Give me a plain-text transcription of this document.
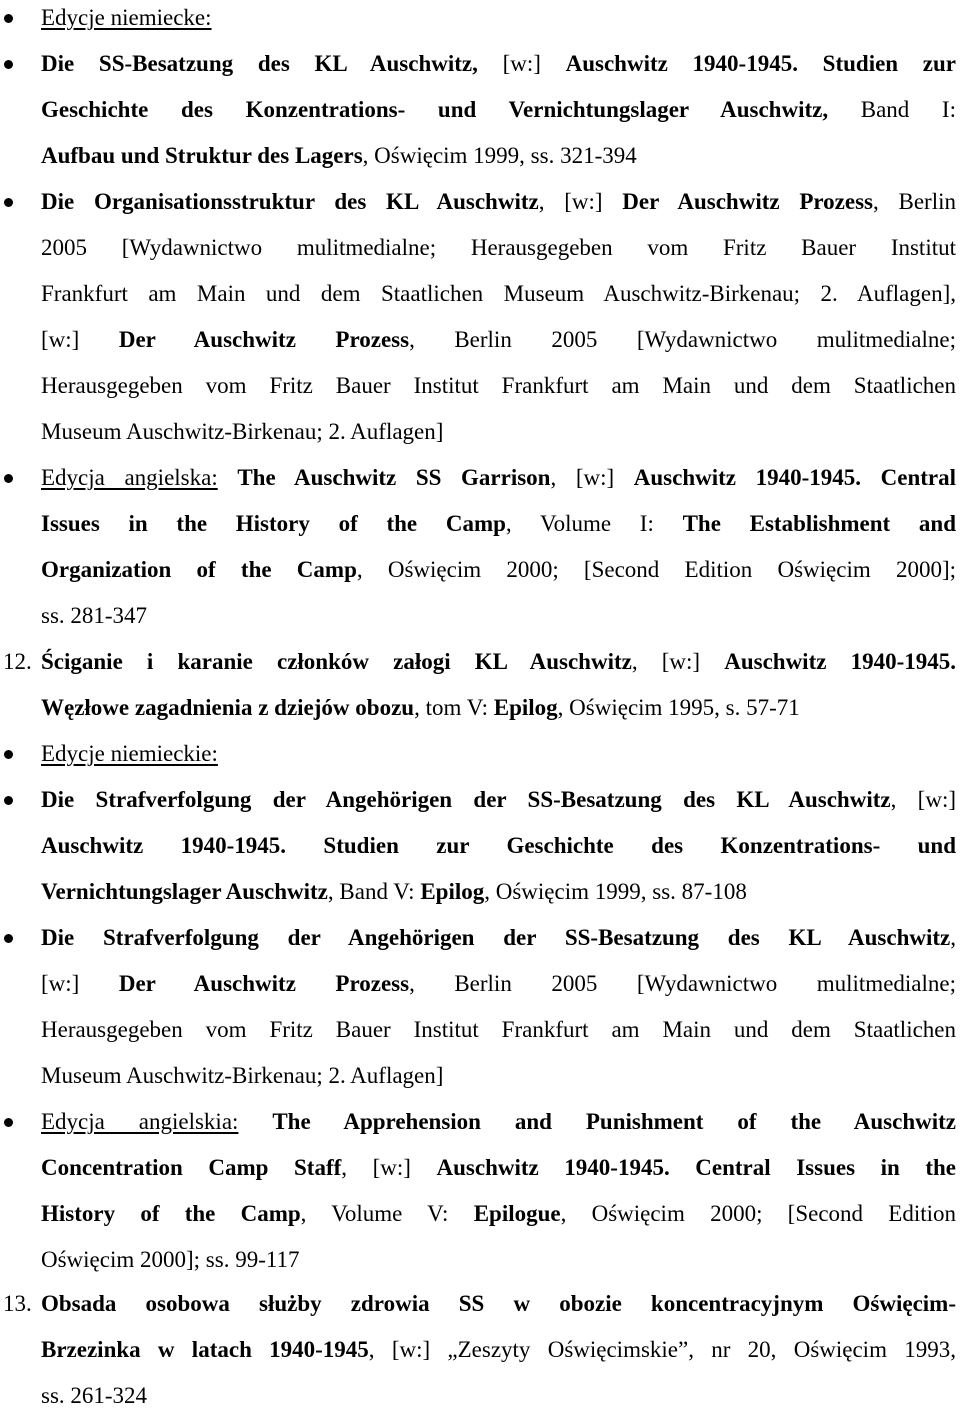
Edycje niemiecke:
Die SS-Besatzung des KL Auschwitz, [w:] Auschwitz 1940-1945. Studien zur
Geschichte des Konzentrations- und Vernichtungslager Auschwitz, Band I:
Aufbau und Struktur des Lagers, Oświęcim 1999, ss. 321-394
Die Organisationsstruktur des KL Auschwitz, [w:] Der Auschwitz Prozess, Berlin
2005 [Wydawnictwo mulitmedialne; Herausgegeben vom Fritz Bauer Institut
Frankfurt am Main und dem Staatlichen Museum Auschwitz-Birkenau; 2. Auflagen],
[w:] Der Auschwitz Prozess, Berlin 2005 [Wydawnictwo mulitmedialne;
Herausgegeben vom Fritz Bauer Institut Frankfurt am Main und dem Staatlichen
Museum Auschwitz-Birkenau; 2. Auflagen]
Edycja angielska: The Auschwitz SS Garrison, [w:] Auschwitz 1940-1945. Central
Issues in the History of the Camp, Volume I: The Establishment and
Organization of the Camp, Oświęcim 2000; [Second Edition Oświęcim 2000];
ss. 281-347
12. Ściganie i karanie członków załogi KL Auschwitz, [w:] Auschwitz 1940-1945.
Węzłowe zagadnienia z dziejów obozu, tom V: Epilog, Oświęcim 1995, s. 57-71
Edycje niemieckie:
Die Strafverfolgung der Angehörigen der SS-Besatzung des KL Auschwitz, [w:]
Auschwitz 1940-1945. Studien zur Geschichte des Konzentrations- und
Vernichtungslager Auschwitz, Band V: Epilog, Oświęcim 1999, ss. 87-108
Die Strafverfolgung der Angehörigen der SS-Besatzung des KL Auschwitz,
[w:] Der Auschwitz Prozess, Berlin 2005 [Wydawnictwo mulitmedialne;
Herausgegeben vom Fritz Bauer Institut Frankfurt am Main und dem Staatlichen
Museum Auschwitz-Birkenau; 2. Auflagen]
Edycja angielskia: The Apprehension and Punishment of the Auschwitz
Concentration Camp Staff, [w:] Auschwitz 1940-1945. Central Issues in the
History of the Camp, Volume V: Epilogue, Oświęcim 2000; [Second Edition
Oświęcim 2000]; ss. 99-117
13. Obsada osobowa służby zdrowia SS w obozie koncentracyjnym Oświęcim-
Brzezinka w latach 1940-1945, [w:] „Zeszyty Oświęcimskie”, nr 20, Oświęcim 1993,
ss. 261-324
